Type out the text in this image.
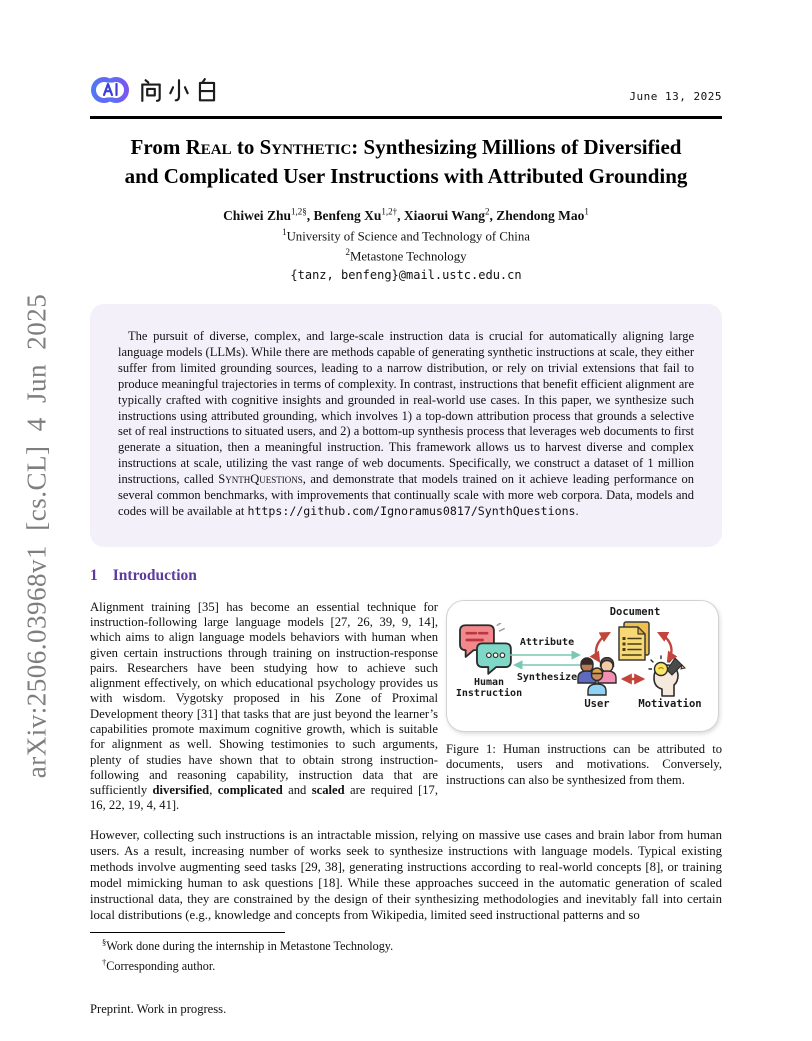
arXiv:2506.03968v1 [cs.CL] 4 Jun 2025
June 13, 2025
From Real to Synthetic: Synthesizing Millions of Diversified
and Complicated User Instructions with Attributed Grounding
Chiwei Zhu$^{1,2\S}$, Benfeng $Xu^{1,2\dagger}$, Xiaorui Wang$^2$, Zhendong Mao$^1$
$^1$University of Science and Technology of China
$^2$Metastone Technology
{tanz, benfeng}@mail.ustc.edu.cn

The pursuit of diverse, complex, and large-scale instruction data is crucial for automatically aligning large language models (LLMs). While there are methods capable of generating synthetic instructions at scale, they either suffer from limited grounding sources, leading to a narrow distribution, or rely on trivial extensions that fail to produce meaningful trajectories in terms of complexity. In contrast, instructions that benefit efficient alignment are typically crafted with cognitive insights and grounded in real-world use cases. In this paper, we synthesize such instructions using attributed grounding, which involves 1) a top-down attribution process that grounds a selective set of real instructions to situated users, and 2) a bottom-up synthesis process that leverages web documents to first generate a situation, then a meaningful instruction. This framework allows us to harvest diverse and complex instructions at scale, utilizing the vast range of web documents. Specifically, we construct a dataset of 1 million instructions, called SynthQuestions, and demonstrate that models trained on it achieve leading performance on several common benchmarks, with improvements that continually scale with more web corpora. Data, models and codes will be available at https://github.com/Ignoramus0817/SynthQuestions.

1 Introduction

Alignment training [35] has become an essential technique for instruction-following large language models [27, 26, 39, 9, 14], which aims to align language models behaviors with human when given certain instructions through training on instruction-response pairs. Researchers have been studying how to achieve such alignment effectively, on which educational psychology provides us with wisdom. Vygotsky proposed in his Zone of Proximal Development theory [31] that tasks that are just beyond the learner’s capabilities promote maximum cognitive growth, which is suitable for alignment as well. Showing testimonies to such arguments, plenty of studies have shown that to obtain strong instruction-following and reasoning capability, instruction data that are sufficiently diversified, complicated and scaled are required [17, 16, 22, 19, 4, 41].

Human Instruction
Attribute
Synthesize
Document
User	Motivation

Figure 1: Human instructions can be attributed to documents, users and motivations. Conversely, instructions can also be synthesized from them.

However, collecting such instructions is an intractable mission, relying on massive use cases and brain labor from human users. As a result, increasing number of works seek to synthesize instructions with language models. Typical existing methods involve augmenting seed tasks [29, 38], generating instructions according to real-world concepts [8], or training model mimicking human to ask questions [18]. While these approaches succeed in the automatic generation of scaled instructional data, they are constrained by the design of their synthesizing methodologies and inevitably fall into certain local distributions (e.g., knowledge and concepts from Wikipedia, limited seed instructional patterns and so

§Work done during the internship in Metastone Technology.
†Corresponding author.
Preprint. Work in progress.
